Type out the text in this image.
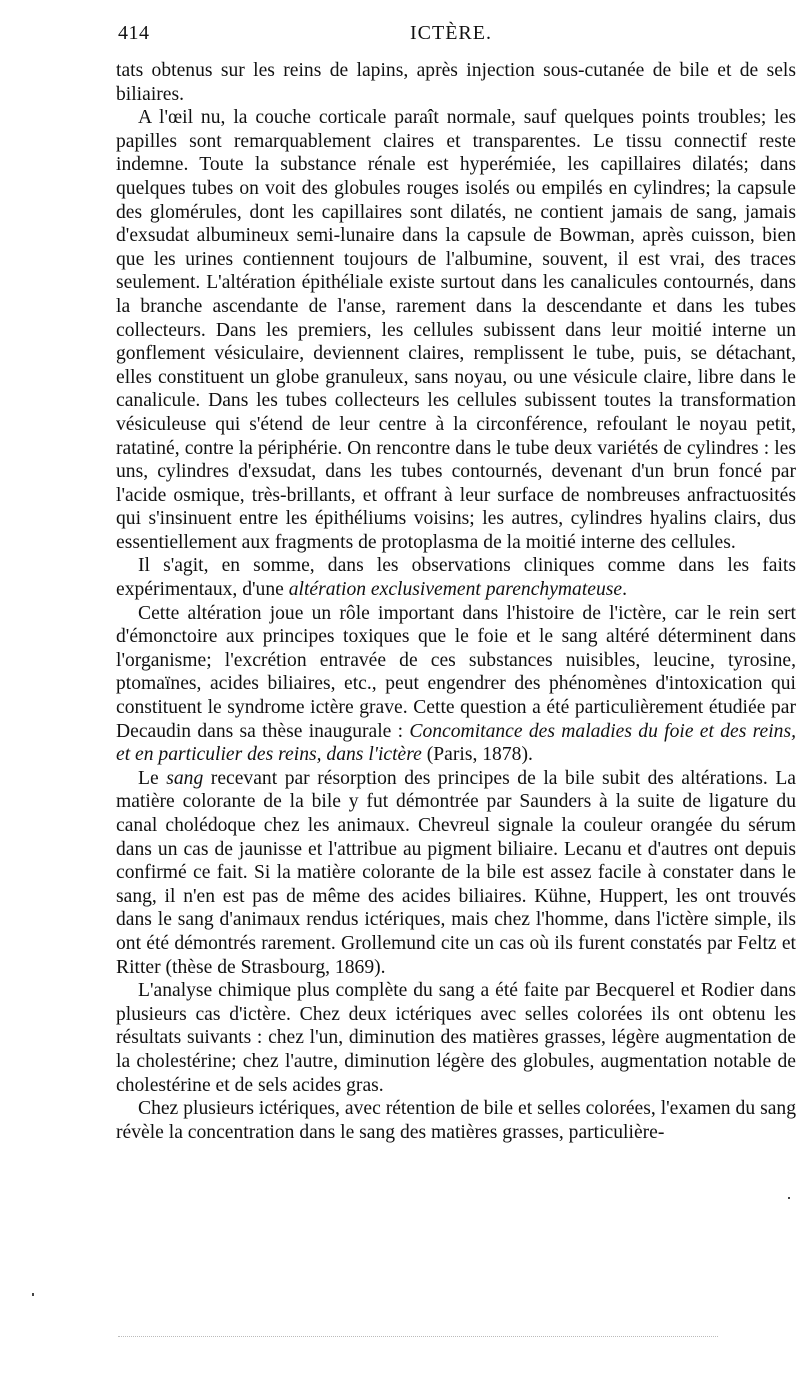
414	ICTÈRE.

tats obtenus sur les reins de lapins, après injection sous-cutanée de bile et de sels biliaires.

A l'œil nu, la couche corticale paraît normale, sauf quelques points troubles; les papilles sont remarquablement claires et transparentes. Le tissu connectif reste indemne. Toute la substance rénale est hyperémiée, les capillaires dilatés; dans quelques tubes on voit des globules rouges isolés ou empilés en cylindres; la capsule des glomérules, dont les capillaires sont dilatés, ne contient jamais de sang, jamais d'exsudat albumineux semi-lunaire dans la capsule de Bowman, après cuisson, bien que les urines contiennent toujours de l'albumine, souvent, il est vrai, des traces seulement. L'altération épithéliale existe surtout dans les canalicules contournés, dans la branche ascendante de l'anse, rarement dans la descendante et dans les tubes collecteurs. Dans les premiers, les cellules subissent dans leur moitié interne un gonflement vésiculaire, deviennent claires, remplissent le tube, puis, se détachant, elles constituent un globe granuleux, sans noyau, ou une vésicule claire, libre dans le canalicule. Dans les tubes collecteurs les cellules subissent toutes la transformation vésiculeuse qui s'étend de leur centre à la circonférence, refoulant le noyau petit, ratatiné, contre la périphérie. On rencontre dans le tube deux variétés de cylindres : les uns, cylindres d'exsudat, dans les tubes contournés, devenant d'un brun foncé par l'acide osmique, très-brillants, et offrant à leur surface de nombreuses anfractuosités qui s'insinuent entre les épithéliums voisins; les autres, cylindres hyalins clairs, dus essentiellement aux fragments de protoplasma de la moitié interne des cellules.

Il s'agit, en somme, dans les observations cliniques comme dans les faits expérimentaux, d'une altération exclusivement parenchymateuse.

Cette altération joue un rôle important dans l'histoire de l'ictère, car le rein sert d'émonctoire aux principes toxiques que le foie et le sang altéré déterminent dans l'organisme; l'excrétion entravée de ces substances nuisibles, leucine, tyrosine, ptomaïnes, acides biliaires, etc., peut engendrer des phénomènes d'intoxication qui constituent le syndrome ictère grave. Cette question a été particulièrement étudiée par Decaudin dans sa thèse inaugurale : Concomitance des maladies du foie et des reins, et en particulier des reins, dans l'ictère (Paris, 1878).

Le sang recevant par résorption des principes de la bile subit des altérations. La matière colorante de la bile y fut démontrée par Saunders à la suite de ligature du canal cholédoque chez les animaux. Chevreul signale la couleur orangée du sérum dans un cas de jaunisse et l'attribue au pigment biliaire. Lecanu et d'autres ont depuis confirmé ce fait. Si la matière colorante de la bile est assez facile à constater dans le sang, il n'en est pas de même des acides biliaires. Kühne, Huppert, les ont trouvés dans le sang d'animaux rendus ictériques, mais chez l'homme, dans l'ictère simple, ils ont été démontrés rarement. Grollemund cite un cas où ils furent constatés par Feltz et Ritter (thèse de Strasbourg, 1869).

L'analyse chimique plus complète du sang a été faite par Becquerel et Rodier dans plusieurs cas d'ictère. Chez deux ictériques avec selles colorées ils ont obtenu les résultats suivants : chez l'un, diminution des matières grasses, légère augmentation de la cholestérine; chez l'autre, diminution légère des globules, augmentation notable de cholestérine et de sels acides gras.

Chez plusieurs ictériques, avec rétention de bile et selles colorées, l'examen du sang révèle la concentration dans le sang des matières grasses, particulière-
